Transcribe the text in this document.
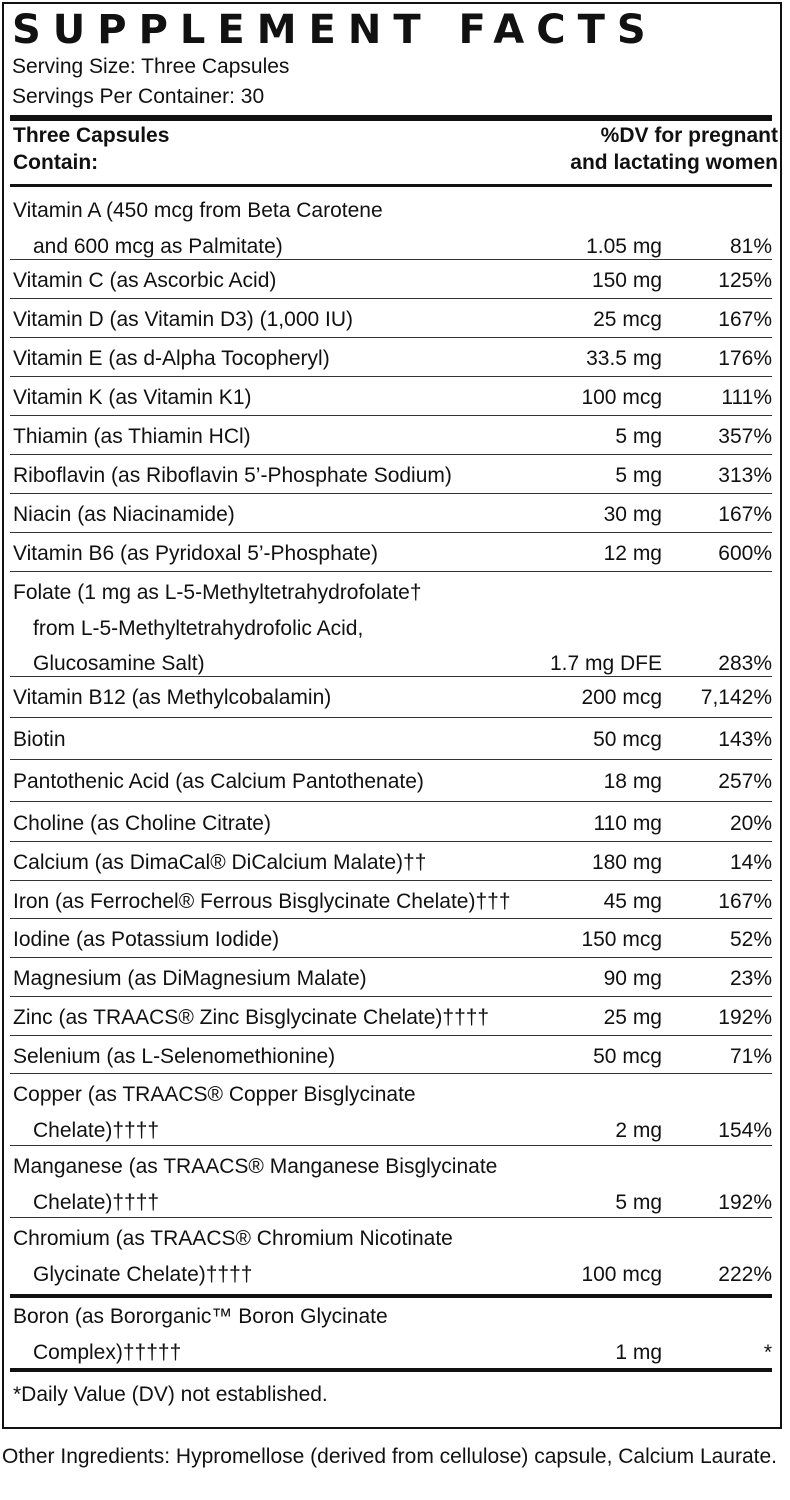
SUPPLEMENT FACTS
Serving Size: Three Capsules
Servings Per Container: 30
Three Capsules
Contain:
%DV for pregnant
and lactating women
Vitamin A (450 mcg from Beta Carotene
and 600 mcg as Palmitate)	1.05 mg	81%
Vitamin C (as Ascorbic Acid)	150 mg	125%
Vitamin D (as Vitamin D3) (1,000 IU)	25 mcg	167%
Vitamin E (as d-Alpha Tocopheryl)	33.5 mg	176%
Vitamin K (as Vitamin K1)	100 mcg	111%
Thiamin (as Thiamin HCl)	5 mg	357%
Riboflavin (as Riboflavin 5’-Phosphate Sodium)	5 mg	313%
Niacin (as Niacinamide)	30 mg	167%
Vitamin B6 (as Pyridoxal 5’-Phosphate)	12 mg	600%
Folate (1 mg as L-5-Methyltetrahydrofolate†
from L-5-Methyltetrahydrofolic Acid,
Glucosamine Salt)	1.7 mg DFE	283%
Vitamin B12 (as Methylcobalamin)	200 mcg 7,142%
Biotin	50 mcg	143%
Pantothenic Acid (as Calcium Pantothenate)	18 mg	257%
Choline (as Choline Citrate)	110 mg	20%
Calcium (as DimaCal® DiCalcium Malate)††	180 mg	14%
Iron (as Ferrochel® Ferrous Bisglycinate Chelate)†††	45 mg	167%
Iodine (as Potassium Iodide)	150 mcg	52%
Magnesium (as DiMagnesium Malate)	90 mg	23%
Zinc (as TRAACS® Zinc Bisglycinate Chelate)††††	25 mg	192%
Selenium (as L-Selenomethionine)	50 mcg	71%
Copper (as TRAACS® Copper Bisglycinate
Chelate)††††	2 mg	154%
Manganese (as TRAACS® Manganese Bisglycinate
Chelate)††††	5 mg	192%
Chromium (as TRAACS® Chromium Nicotinate
Glycinate Chelate)††††	100 mcg	222%
Boron (as Bororganic™ Boron Glycinate
Complex)†††††	1 mg	*
*Daily Value (DV) not established.
Other Ingredients: Hypromellose (derived from cellulose) capsule, Calcium Laurate.
